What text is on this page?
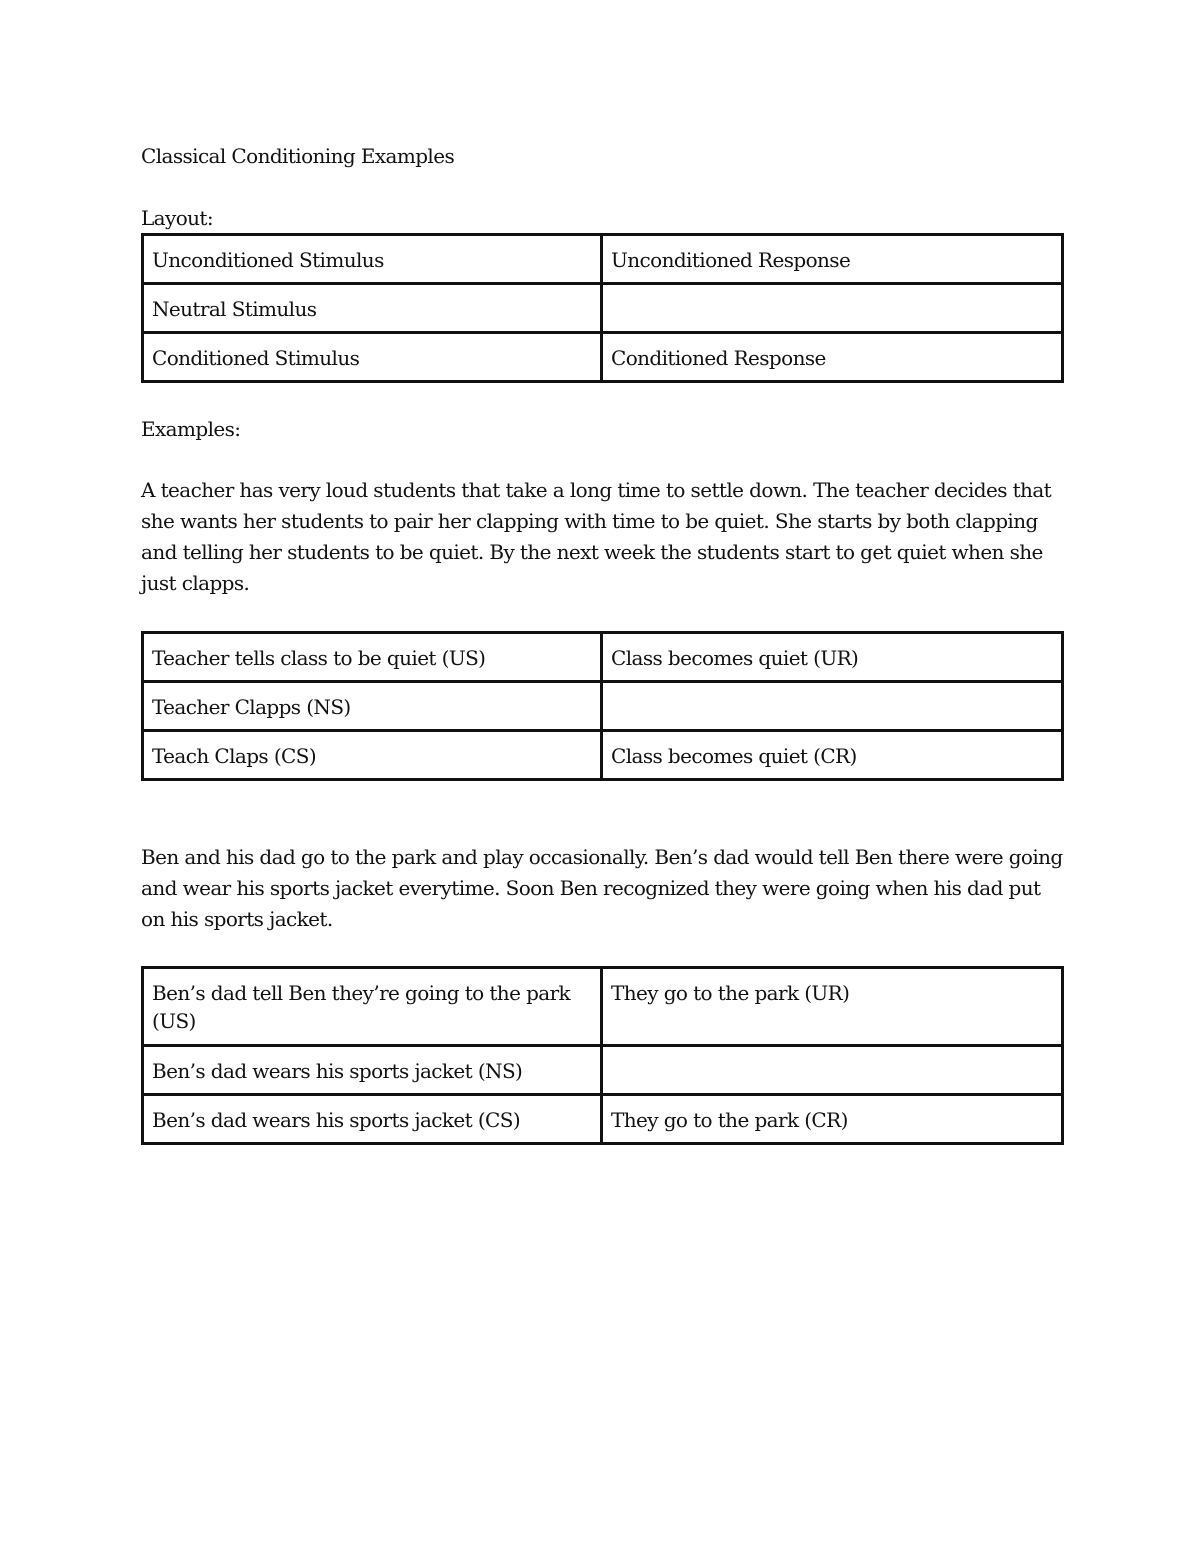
Classical Conditioning Examples

Layout:

Unconditioned Stimulus	Unconditioned Response
Neutral Stimulus	
Conditioned Stimulus	Conditioned Response

Examples:

A teacher has very loud students that take a long time to settle down. The teacher decides that she wants her students to pair her clapping with time to be quiet. She starts by both clapping and telling her students to be quiet. By the next week the students start to get quiet when she just clapps.

Teacher tells class to be quiet (US)	Class becomes quiet (UR)
Teacher Clapps (NS)	
Teach Claps (CS)	Class becomes quiet (CR)

Ben and his dad go to the park and play occasionally. Ben’s dad would tell Ben there were going and wear his sports jacket everytime. Soon Ben recognized they were going when his dad put on his sports jacket.

Ben’s dad tell Ben they’re going to the park (US)	They go to the park (UR)
Ben’s dad wears his sports jacket (NS)	
Ben’s dad wears his sports jacket (CS)	They go to the park (CR)
